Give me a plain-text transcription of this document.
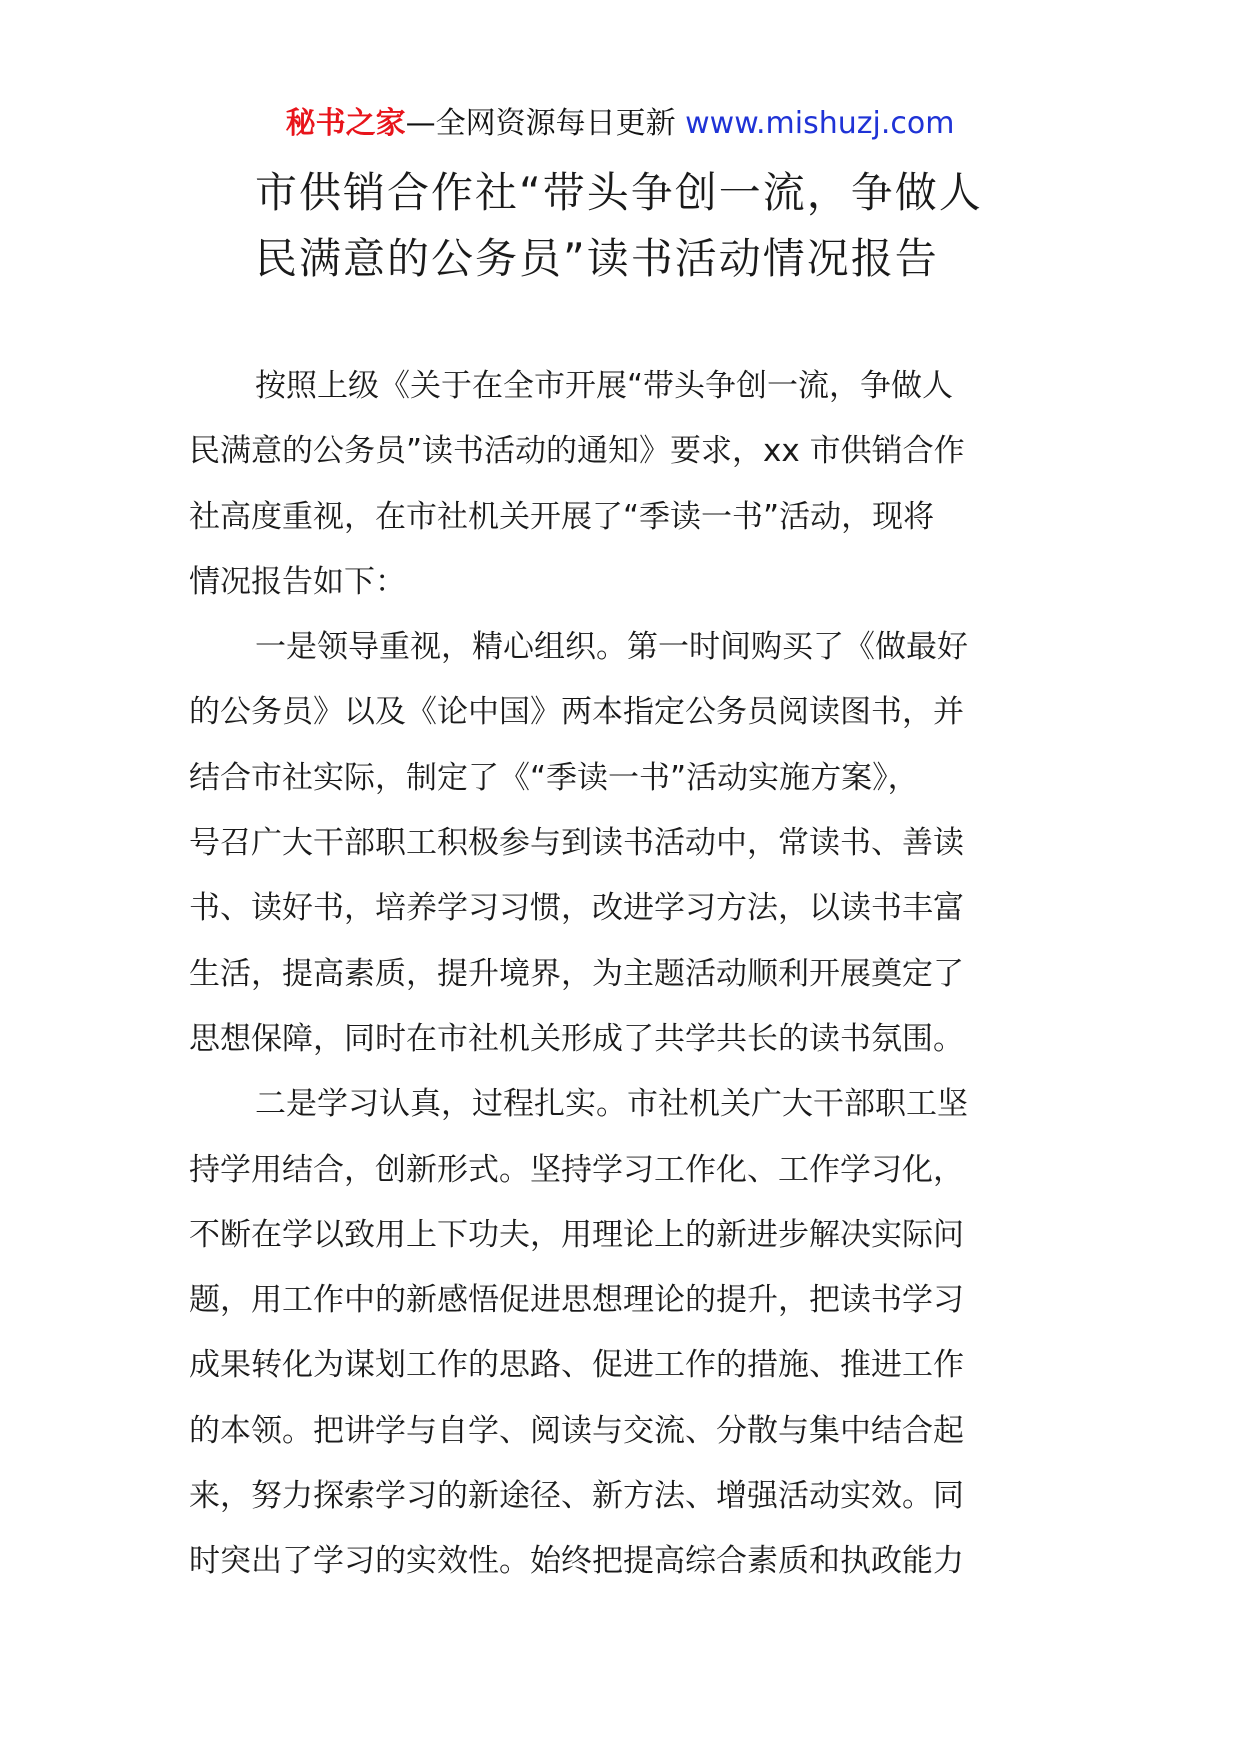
秘书之家—全网资源每日更新 www.mishuzj.com
市供销合作社“带头争创一流，争做人
民满意的公务员”读书活动情况报告
按照上级《关于在全市开展“带头争创一流，争做人
民满意的公务员”读书活动的通知》要求，xx 市供销合作
社高度重视，在市社机关开展了“季读一书”活动，现将
情况报告如下：
一是领导重视，精心组织。第一时间购买了《做最好
的公务员》以及《论中国》两本指定公务员阅读图书，并
结合市社实际，制定了《“季读一书”活动实施方案》，
号召广大干部职工积极参与到读书活动中，常读书、善读
书、读好书，培养学习习惯，改进学习方法，以读书丰富
生活，提高素质，提升境界，为主题活动顺利开展奠定了
思想保障，同时在市社机关形成了共学共长的读书氛围。
二是学习认真，过程扎实。市社机关广大干部职工坚
持学用结合，创新形式。坚持学习工作化、工作学习化，
不断在学以致用上下功夫，用理论上的新进步解决实际问
题，用工作中的新感悟促进思想理论的提升，把读书学习
成果转化为谋划工作的思路、促进工作的措施、推进工作
的本领。把讲学与自学、阅读与交流、分散与集中结合起
来，努力探索学习的新途径、新方法、增强活动实效。同
时突出了学习的实效性。始终把提高综合素质和执政能力
